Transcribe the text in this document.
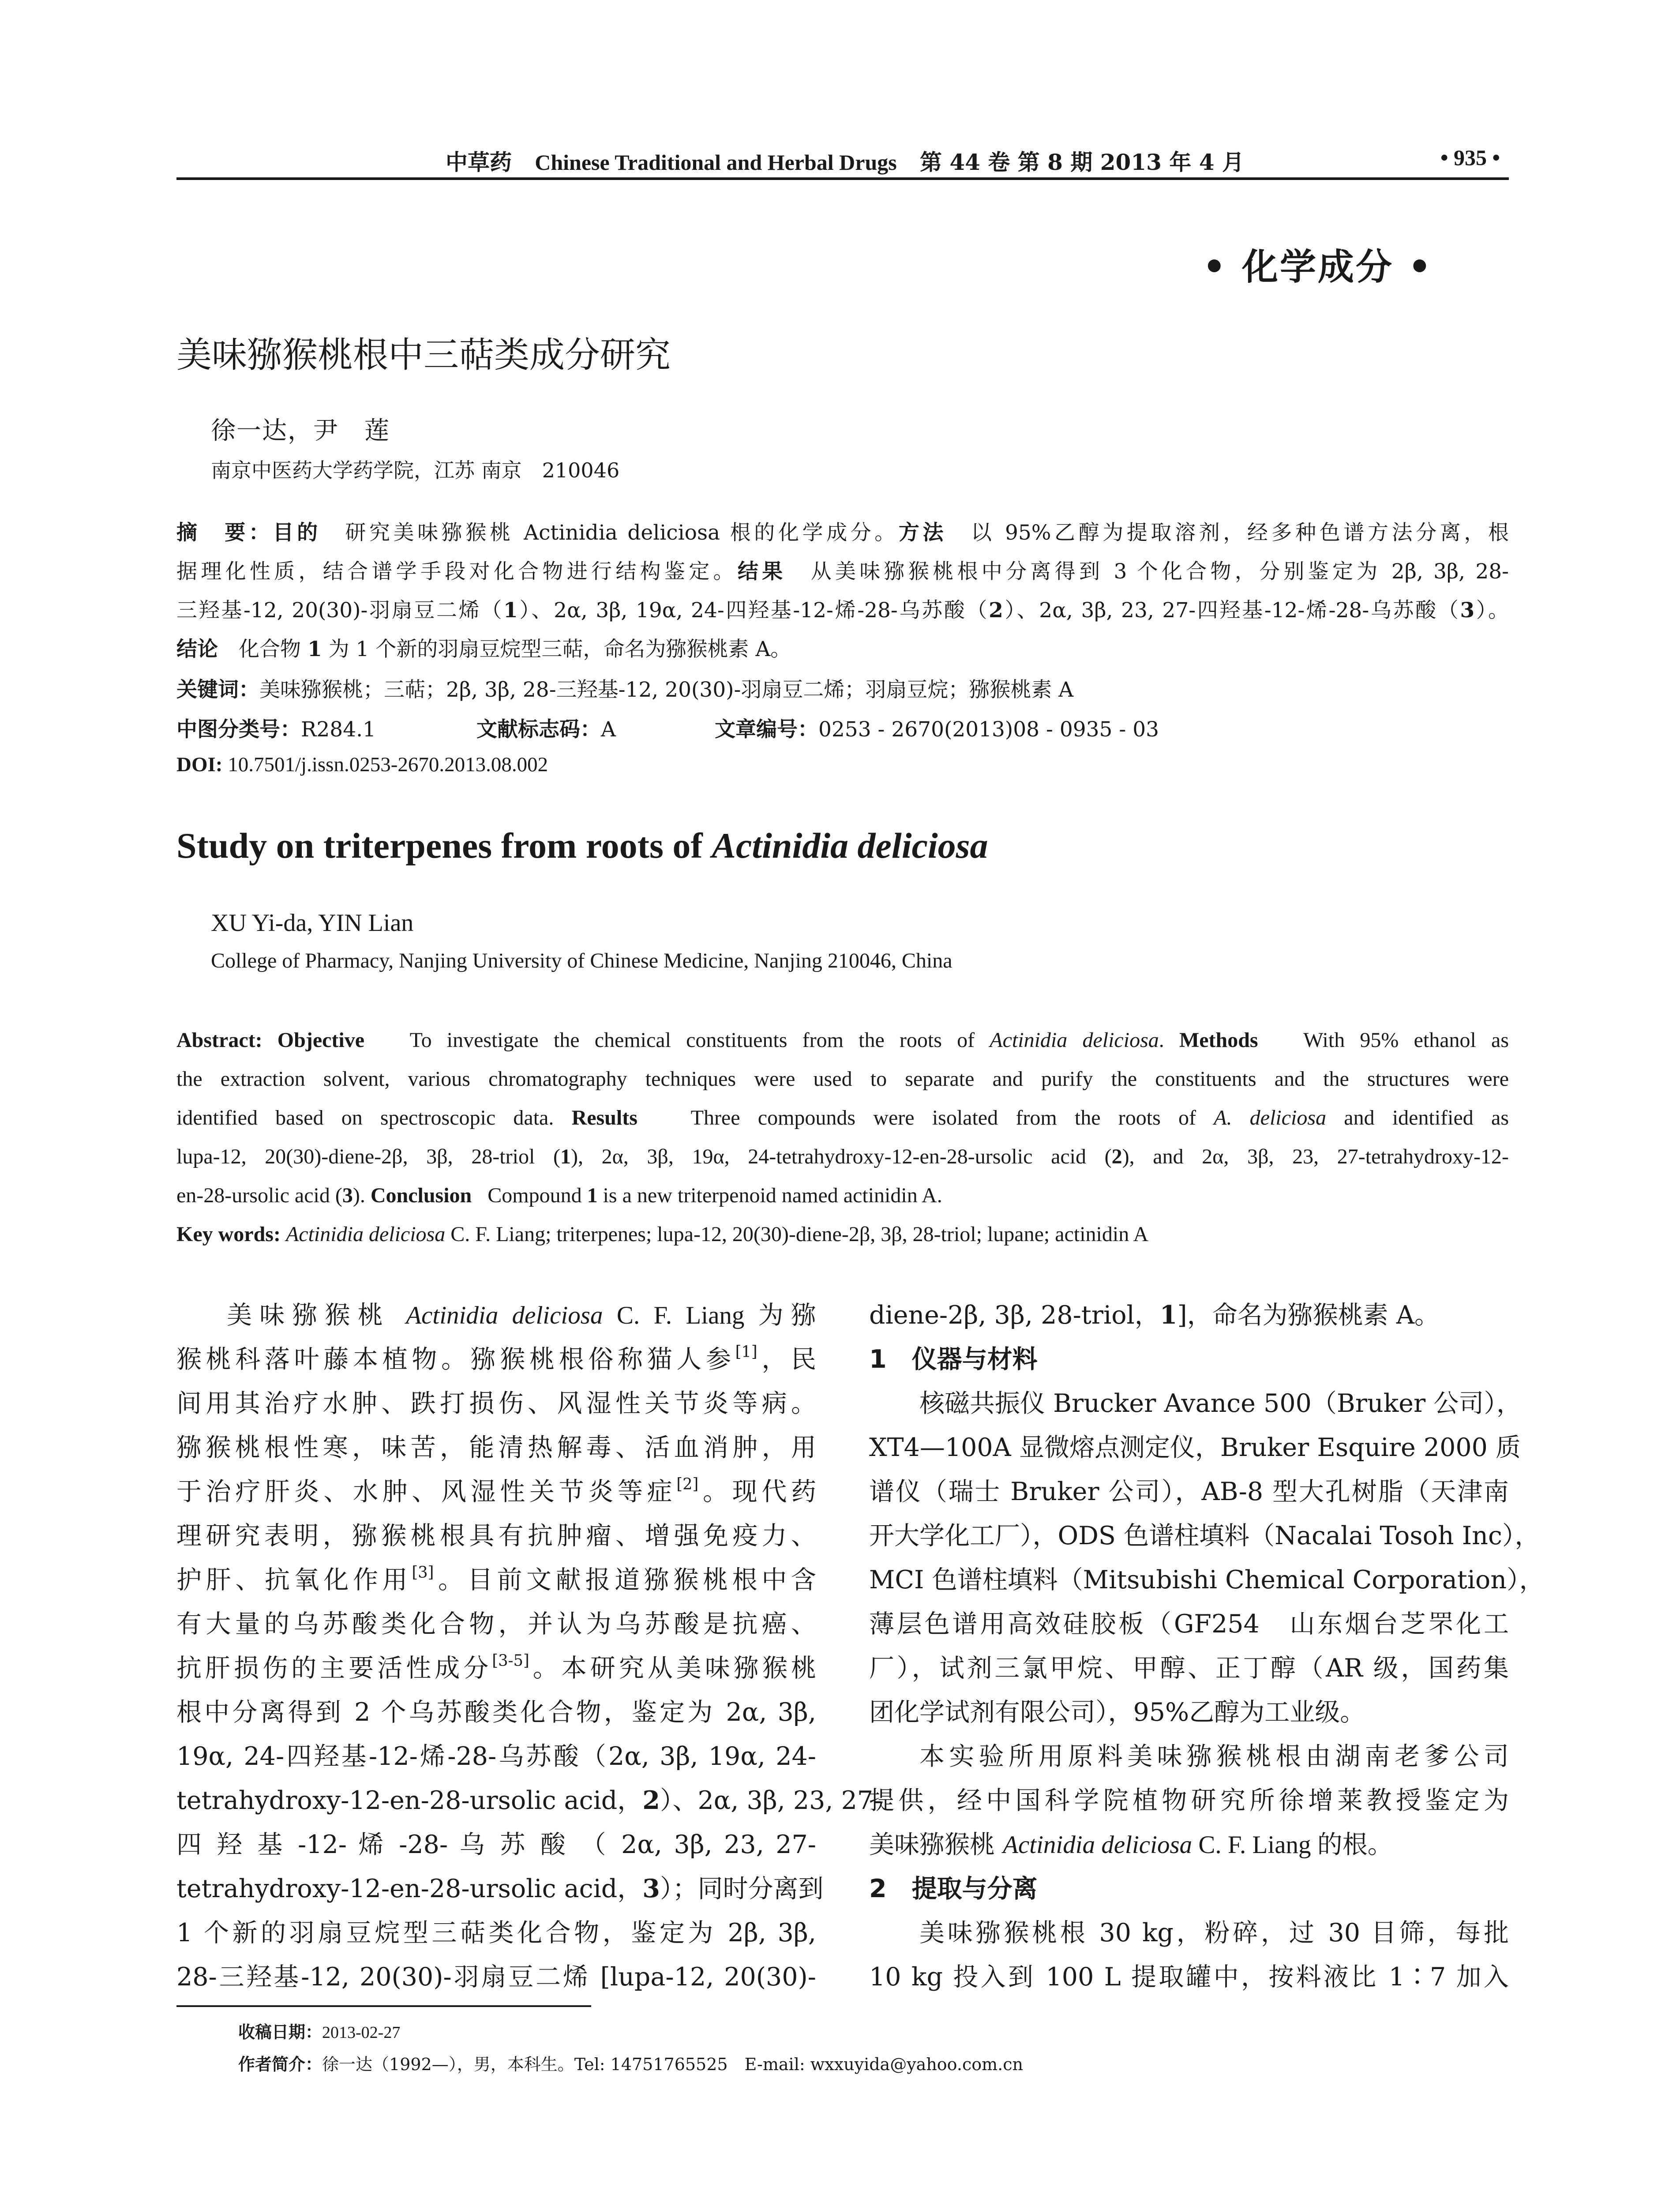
中草药 Chinese Traditional and Herbal Drugs 第 44 卷 第 8 期 2013 年 4 月	• 935 •
• 化学成分 •
美味猕猴桃根中三萜类成分研究
徐一达，尹　莲
南京中医药大学药学院，江苏 南京　210046
摘　要：目的　 研究美味猕猴桃 Actinidia deliciosa 根的化学成分。方法　 以 95%乙醇为提取溶剂，经多种色谱方法分离，根
据理化性质，结合谱学手段对化合物进行结构鉴定。结果　 从美味猕猴桃根中分离得到 3 个化合物，分别鉴定为 2β, 3β, 28-
三羟基-12, 20(30)-羽扇豆二烯（1）、2α, 3β, 19α, 24-四羟基-12-烯-28-乌苏酸（2）、2α, 3β, 23, 27-四羟基-12-烯-28-乌苏酸（3）。
结论　 化合物 1 为 1 个新的羽扇豆烷型三萜，命名为猕猴桃素 A。
关键词：美味猕猴桃；三萜；2β, 3β, 28-三羟基-12, 20(30)-羽扇豆二烯；羽扇豆烷；猕猴桃素 A
中图分类号：R284.1	文献标志码：A	文章编号：0253 - 2670(2013)08 - 0935 - 03
DOI: 10.7501/j.issn.0253-2670.2013.08.002
Study on triterpenes from roots of Actinidia deliciosa
XU Yi-da, YIN Lian
College of Pharmacy, Nanjing University of Chinese Medicine, Nanjing 210046, China
Abstract: Objective To investigate the chemical constituents from the roots of Actinidia deliciosa. Methods With 95% ethanol as
the extraction solvent, various chromatography techniques were used to separate and purify the constituents and the structures were
identified based on spectroscopic data. Results	Three compounds were isolated from the roots of A. deliciosa and identified as
lupa-12, 20(30)-diene-2β, 3β, 28-triol (1), 2α, 3β, 19α, 24-tetrahydroxy-12-en-28-ursolic acid (2), and 2α, 3β, 23, 27-tetrahydroxy-12-
en-28-ursolic acid (3). Conclusion Compound 1 is a new triterpenoid named actinidin A.
Key words: Actinidia deliciosa C. F. Liang; triterpenes; lupa-12, 20(30)-diene-2β, 3β, 28-triol; lupane; actinidin A
美味猕猴桃 Actinidia deliciosa C. F. Liang 为猕
猴桃科落叶藤本植物。猕猴桃根俗称猫人参[1]，民
间用其治疗水肿、跌打损伤、风湿性关节炎等病。
猕猴桃根性寒，味苦，能清热解毒、活血消肿，用
于治疗肝炎、水肿、风湿性关节炎等症[2]。现代药
理研究表明，猕猴桃根具有抗肿瘤、增强免疫力、
护肝、抗氧化作用[3]。目前文献报道猕猴桃根中含
有大量的乌苏酸类化合物，并认为乌苏酸是抗癌、
抗肝损伤的主要活性成分[3-5]。本研究从美味猕猴桃
根中分离得到 2 个乌苏酸类化合物，鉴定为 2α, 3β,
19α, 24-四羟基-12-烯-28-乌苏酸（2α, 3β, 19α, 24-
tetrahydroxy-12-en-28-ursolic acid，2）、2α, 3β, 23, 27-
四 羟 基 -12- 烯 -28- 乌 苏 酸 （ 2α, 3β, 23, 27-
tetrahydroxy-12-en-28-ursolic acid，3）；同时分离到
1 个新的羽扇豆烷型三萜类化合物，鉴定为 2β, 3β,
28-三羟基-12, 20(30)-羽扇豆二烯 [lupa-12, 20(30)-
diene-2β, 3β, 28-triol，1]，命名为猕猴桃素 A。
1　仪器与材料
核磁共振仪 Brucker Avance 500（Bruker 公司），
XT4—100A 显微熔点测定仪，Bruker Esquire 2000 质
谱仪（瑞士 Bruker 公司），AB-8 型大孔树脂（天津南
开大学化工厂），ODS 色谱柱填料（Nacalai Tosoh Inc），
MCI 色谱柱填料（Mitsubishi Chemical Corporation），
薄层色谱用高效硅胶板（GF254　山东烟台芝罘化工
厂），试剂三氯甲烷、甲醇、正丁醇（AR 级，国药集
团化学试剂有限公司），95%乙醇为工业级。
本实验所用原料美味猕猴桃根由湖南老爹公司
提供，经中国科学院植物研究所徐增莱教授鉴定为
美味猕猴桃 Actinidia deliciosa C. F. Liang 的根。
2　提取与分离
美味猕猴桃根 30 kg，粉碎，过 30 目筛，每批
10 kg 投入到 100 L 提取罐中，按料液比 1∶7 加入
收稿日期：2013-02-27
作者简介：徐一达（1992—），男，本科生。Tel: 14751765525　E-mail: wxxuyida@yahoo.com.cn
